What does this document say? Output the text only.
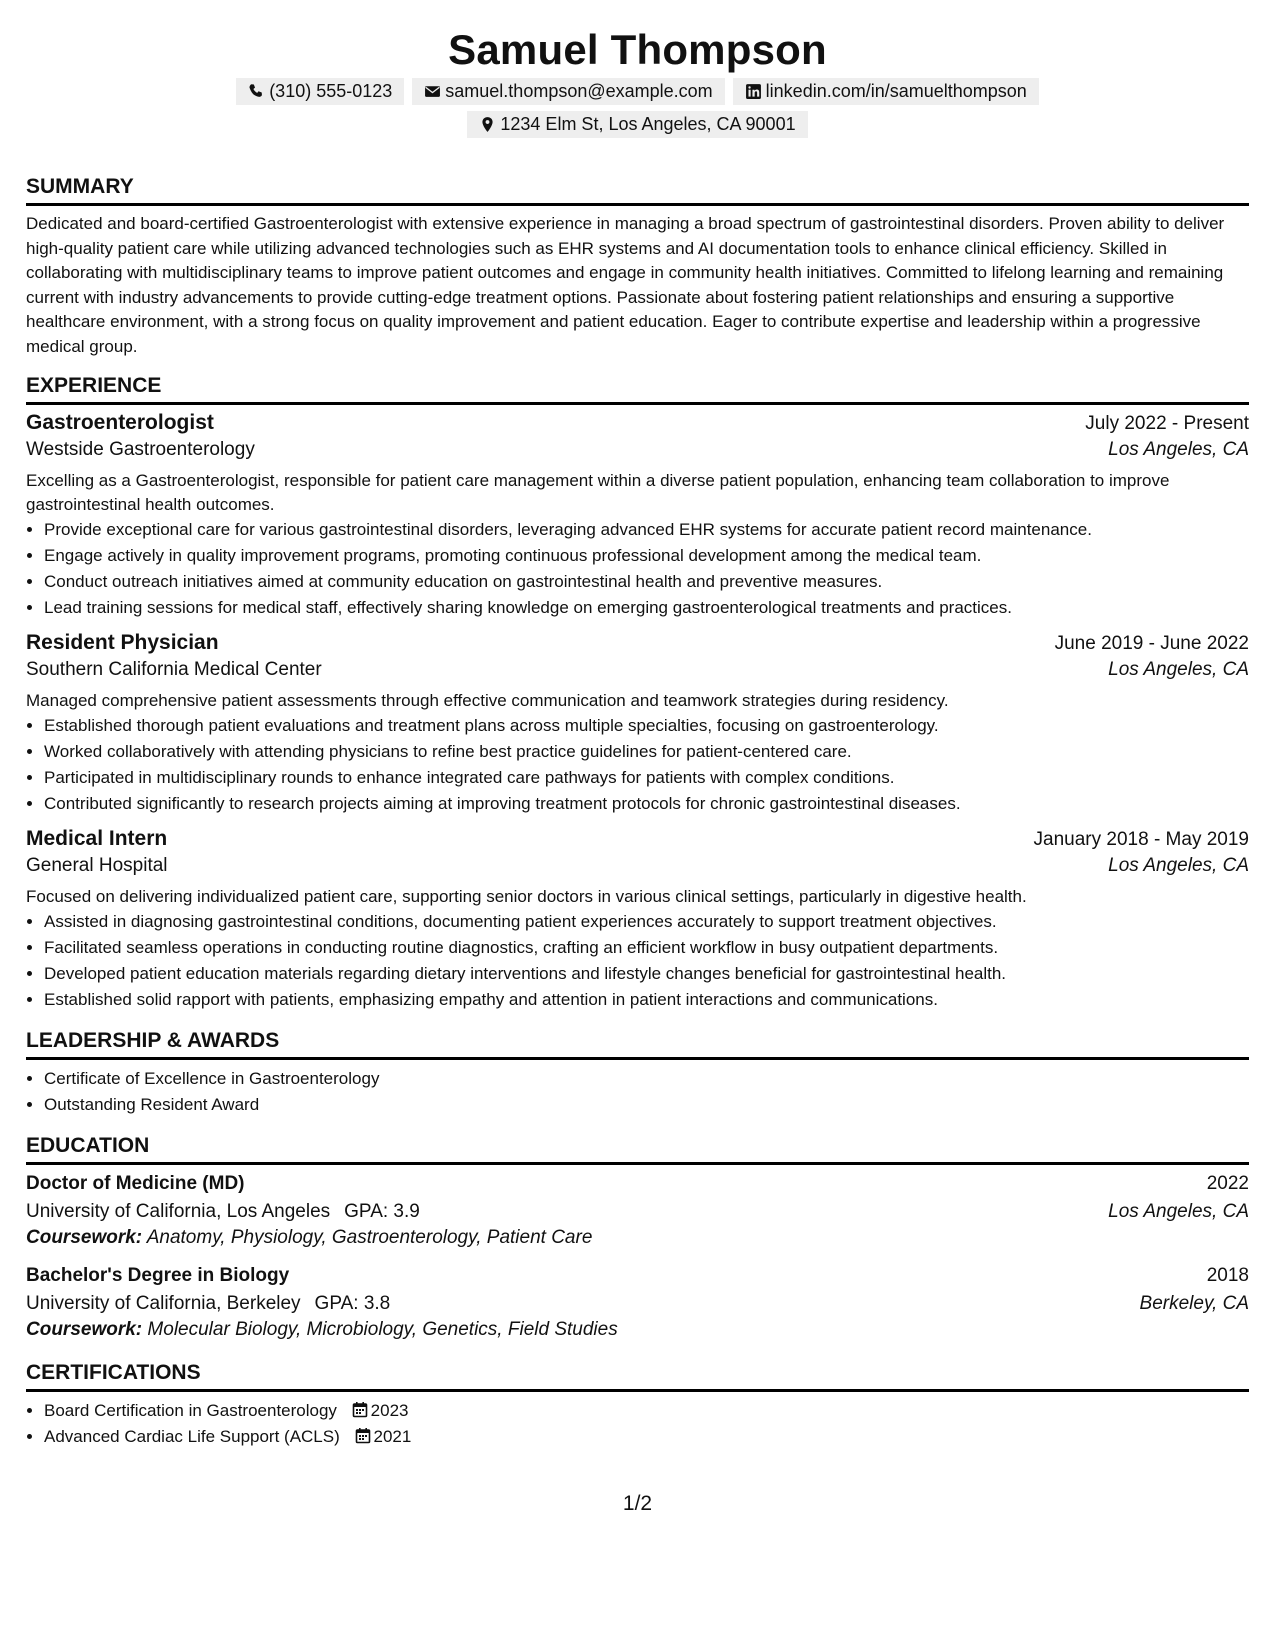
Samuel Thompson
(310) 555-0123	samuel.thompson@example.com	linkedin.com/in/samuelthompson
1234 Elm St, Los Angeles, CA 90001
SUMMARY

Dedicated and board-certified Gastroenterologist with extensive experience in managing a broad spectrum of gastrointestinal disorders. Proven ability to deliver high-quality patient care while utilizing advanced technologies such as EHR systems and AI documentation tools to enhance clinical efficiency. Skilled in collaborating with multidisciplinary teams to improve patient outcomes and engage in community health initiatives. Committed to lifelong learning and remaining current with industry advancements to provide cutting-edge treatment options. Passionate about fostering patient relationships and ensuring a supportive healthcare environment, with a strong focus on quality improvement and patient education. Eager to contribute expertise and leadership within a progressive medical group.

EXPERIENCE
Gastroenterologist	July 2022 - Present
Westside Gastroenterology	Los Angeles, CA
Excelling as a Gastroenterologist, responsible for patient care management within a diverse patient population, enhancing team collaboration to improve gastrointestinal health outcomes.
• Provide exceptional care for various gastrointestinal disorders, leveraging advanced EHR systems for accurate patient record maintenance.
• Engage actively in quality improvement programs, promoting continuous professional development among the medical team.
• Conduct outreach initiatives aimed at community education on gastrointestinal health and preventive measures.
• Lead training sessions for medical staff, effectively sharing knowledge on emerging gastroenterological treatments and practices.
Resident Physician	June 2019 - June 2022
Southern California Medical Center	Los Angeles, CA
Managed comprehensive patient assessments through effective communication and teamwork strategies during residency.
• Established thorough patient evaluations and treatment plans across multiple specialties, focusing on gastroenterology.
• Worked collaboratively with attending physicians to refine best practice guidelines for patient-centered care.
• Participated in multidisciplinary rounds to enhance integrated care pathways for patients with complex conditions.
• Contributed significantly to research projects aiming at improving treatment protocols for chronic gastrointestinal diseases.
Medical Intern	January 2018 - May 2019
General Hospital	Los Angeles, CA
Focused on delivering individualized patient care, supporting senior doctors in various clinical settings, particularly in digestive health.
• Assisted in diagnosing gastrointestinal conditions, documenting patient experiences accurately to support treatment objectives.
• Facilitated seamless operations in conducting routine diagnostics, crafting an efficient workflow in busy outpatient departments.
• Developed patient education materials regarding dietary interventions and lifestyle changes beneficial for gastrointestinal health.
• Established solid rapport with patients, emphasizing empathy and attention in patient interactions and communications.
LEADERSHIP & AWARDS
• Certificate of Excellence in Gastroenterology
• Outstanding Resident Award
EDUCATION
Doctor of Medicine (MD)	2022
University of California, Los Angeles GPA: 3.9	Los Angeles, CA
Coursework: Anatomy, Physiology, Gastroenterology, Patient Care
Bachelor's Degree in Biology	2018
University of California, Berkeley GPA: 3.8	Berkeley, CA
Coursework: Molecular Biology, Microbiology, Genetics, Field Studies
CERTIFICATIONS
• Board Certification in Gastroenterology 2023
• Advanced Cardiac Life Support (ACLS) 2021
1/2
